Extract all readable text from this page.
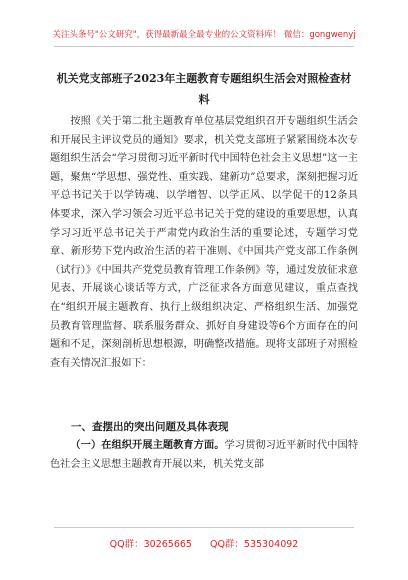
关注头条号"公文研究"，获得最新最全最专业的公文资料库！ 微信：gongwenyj
机关党支部班子2023年主题教育专题组织生活会对照检查材料

按照《关于第二批主题教育单位基层党组织召开专题组织生活会和开展民主评议党员的通知》要求，机关党支部班子紧紧围绕本次专题组织生活会“学习贯彻习近平新时代中国特色社会主义思想”这一主题，聚焦“学思想、强党性、重实践、建新功”总要求，深刻把握习近平总书记关于以学铸魂、以学增智、以学正风、以学促干的12条具体要求，深入学习领会习近平总书记关于党的建设的重要思想，认真学习习近平总书记关于严肃党内政治生活的重要论述，专题学习党章、新形势下党内政治生活的若干准则、《中国共产党支部工作条例（试行）》《中国共产党党员教育管理工作条例》等，通过发放征求意见表、开展谈心谈话等方式，广泛征求各方面意见建议，重点查找在“组织开展主题教育、执行上级组织决定、严格组织生活、加强党员教育管理监督、联系服务群众、抓好自身建设等6个方面存在的问题和不足，深刻剖析思想根源，明确整改措施。现将支部班子对照检查有关情况汇报如下：

一、查摆出的突出问题及具体表现

（一）在组织开展主题教育方面。学习贯彻习近平新时代中国特色社会主义思想主题教育开展以来，机关党支部

QQ群：30265665 QQ群：535304092
